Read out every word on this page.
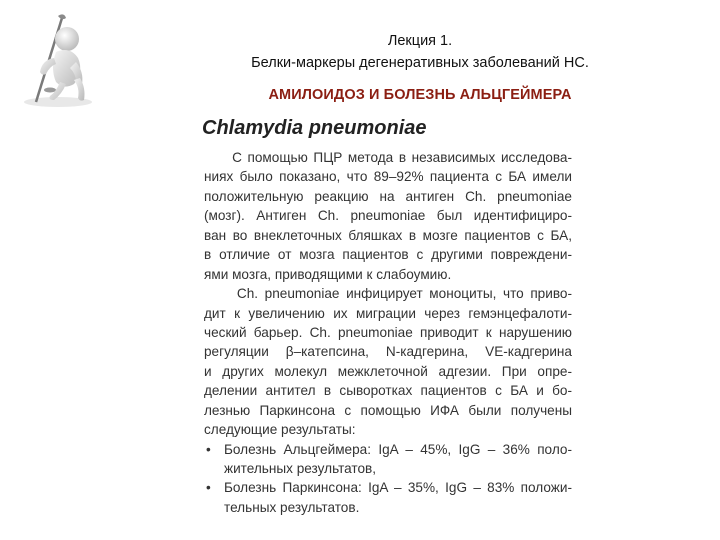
Лекция 1.
Белки-маркеры дегенеративных заболеваний НС.
АМИЛОИДОЗ И БОЛЕЗНЬ АЛЬЦГЕЙМЕРА
Chlamydia pneumoniae
С помощью ПЦР метода в независимых исследова-
ниях было показано, что 89–92% пациента с БА имели
положительную реакцию на антиген Ch. pneumoniae
(мозг). Антиген Ch. pneumoniae был идентифициро-
ван во внеклеточных бляшках в мозге пациентов с БА,
в отличие от мозга пациентов с другими повреждени-
ями мозга, приводящими к слабоумию.
Ch. pneumoniae инфицирует моноциты, что приво-
дит к увеличению их миграции через гемэнцефалоти-
ческий барьер. Ch. pneumoniae приводит к нарушению
регуляции β–катепсина, N-кадгерина, VE-кадгерина
и других молекул межклеточной адгезии. При опре-
делении антител в сыворотках пациентов с БА и бо-
лезнью Паркинсона с помощью ИФА были получены
следующие результаты:
• Болезнь Альцгеймера: IgA – 45%, IgG – 36% поло-
жительных результатов,
• Болезнь Паркинсона: IgA – 35%, IgG – 83% положи-
тельных результатов.
